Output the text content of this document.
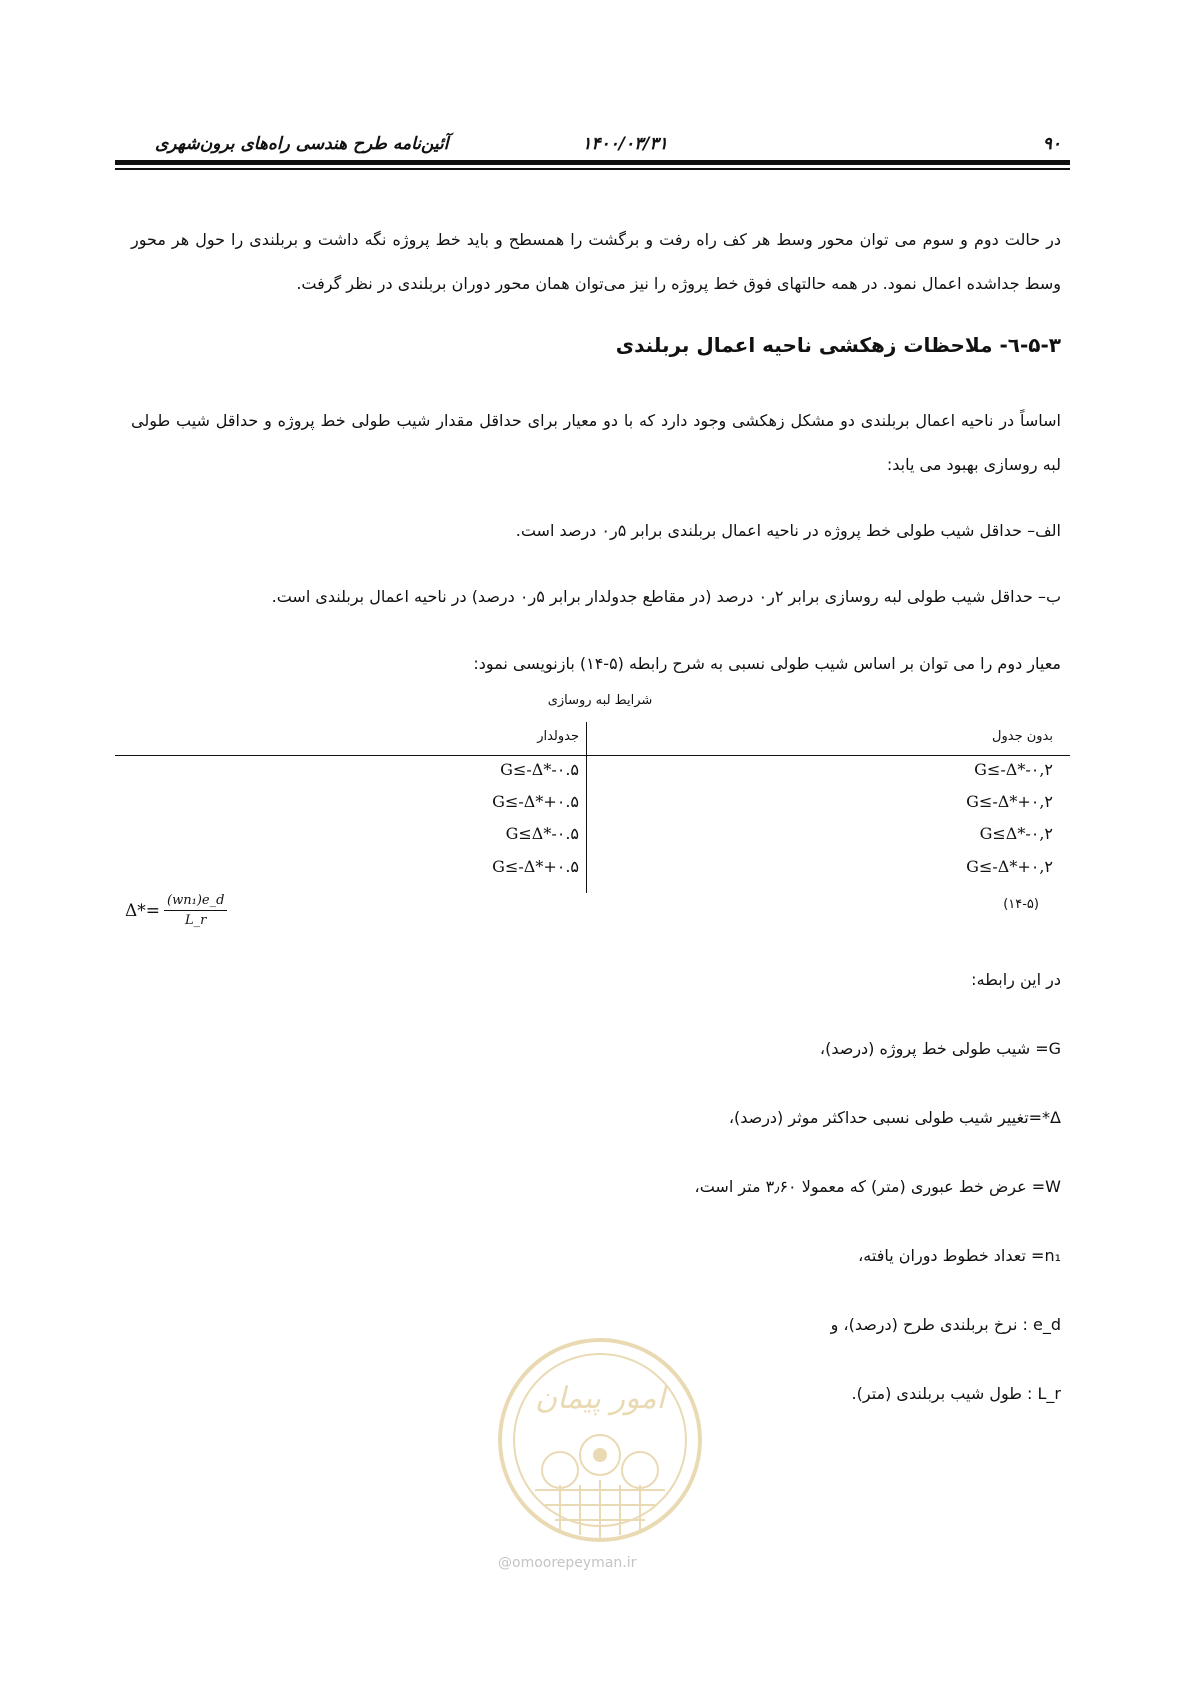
۹۰
۱۴۰۰/۰۳/۳۱
آئین‌نامه طرح هندسی راه‌های برون‌شهری
در حالت دوم و سوم می توان محور وسط هر کف راه رفت و برگشت را همسطح و باید خط پروژه نگه داشت و بربلندی را حول هر محور وسط جداشده اعمال نمود. در همه حالتهای فوق خط پروژه را نیز می‌توان همان محور دوران بربلندی در نظر گرفت.
۵-۳-٦- ملاحظات زهکشی ناحیه اعمال بربلندی
اساساً در ناحیه اعمال بربلندی دو مشکل زهکشی وجود دارد که با دو معیار برای حداقل مقدار شیب طولی خط پروژه و حداقل شیب طولی لبه روسازی بهبود می یابد:
الف– حداقل شیب طولی خط پروژه در ناحیه اعمال بربلندی برابر ۵ر۰ درصد است.
ب– حداقل شیب طولی لبه روسازی برابر ۲ر۰ درصد (در مقاطع جدولدار برابر ۵ر۰ درصد) در ناحیه اعمال بربلندی است.
معیار دوم را می توان بر اساس شیب طولی نسبی به شرح رابطه (۵-۱۴) بازنویسی نمود:
شرایط لبه روسازی
بدون جدول
جدولدار
G≤-Δ*-۰,۲
G≤-Δ*+۰,۲
G≤Δ*-۰,۲
G≤-Δ*+۰,۲
G≤-Δ*-۰.۵
G≤-Δ*+۰.۵
G≤Δ*-۰.۵
G≤-Δ*+۰.۵
(۱۴-۵)
$\Delta*= \frac{\text{(wn₁)e\_d}}{L\_r}$
در این رابطه:
G= شیب طولی خط پروژه (درصد)،
Δ*=تغییر شیب طولی نسبی حداکثر موثر (درصد)،
W= عرض خط عبوری (متر) که معمولا ۳٫۶۰ متر است،
n₁= تعداد خطوط دوران یافته،
e_d : نرخ بربلندی طرح (درصد)، و
L_r : طول شیب بربلندی (متر).
امور پیمان
@omoorepeyman.ir
